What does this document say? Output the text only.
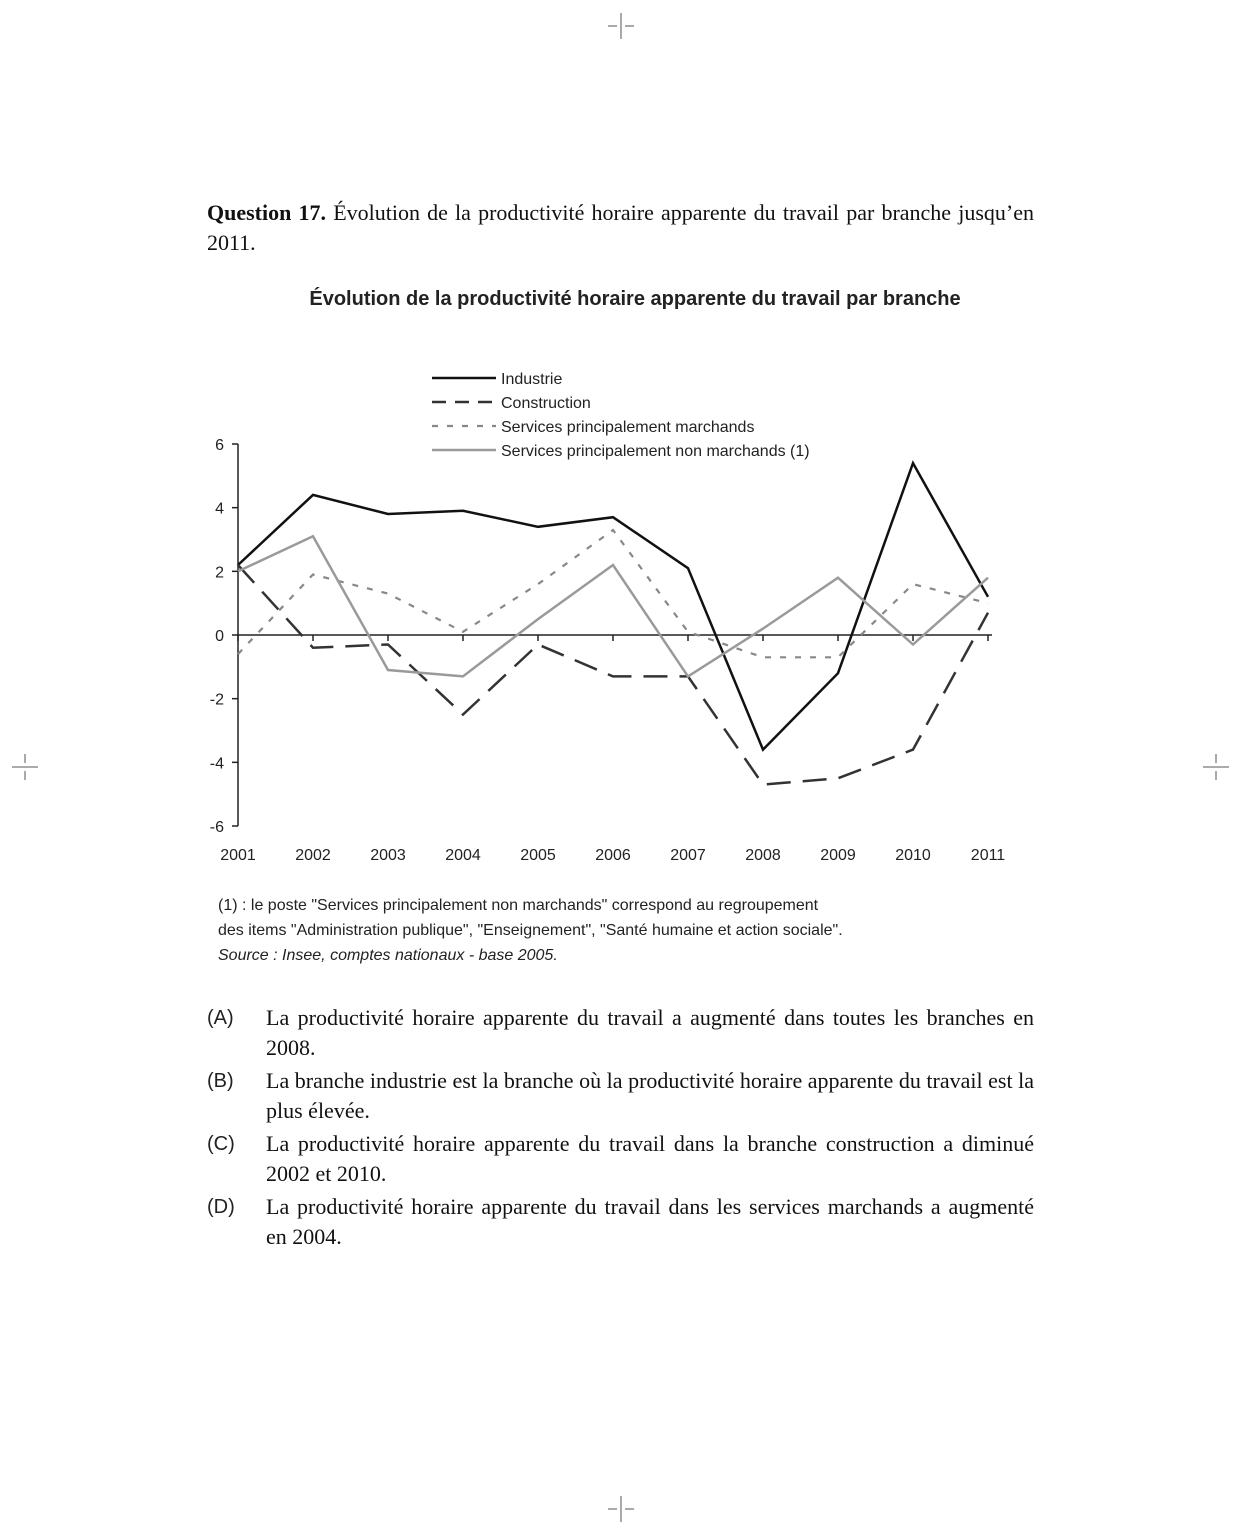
Question 17. Évolution de la productivité horaire apparente du travail par branche jusqu’en 2011.
Évolution de la productivité horaire apparente du travail par branche
Industrie
Construction
Services principalement marchands
Services principalement non marchands (1)
-6
-4
-2
0
2
4
6
2001 2002 2003 2004 2005 2006 2007 2008 2009 2010	2011
(1) : le poste "Services principalement non marchands" correspond au regroupement
des items "Administration publique", "Enseignement", "Santé humaine et action sociale".
Source : Insee, comptes nationaux - base 2005.
(A) La productivité horaire apparente du travail a augmenté dans toutes les branches en 2008.
(B) La branche industrie est la branche où la productivité horaire apparente du travail est la plus élevée.
(C) La productivité horaire apparente du travail dans la branche construction a diminué 2002 et 2010.
(D) La productivité horaire apparente du travail dans les services marchands a augmenté en 2004.
